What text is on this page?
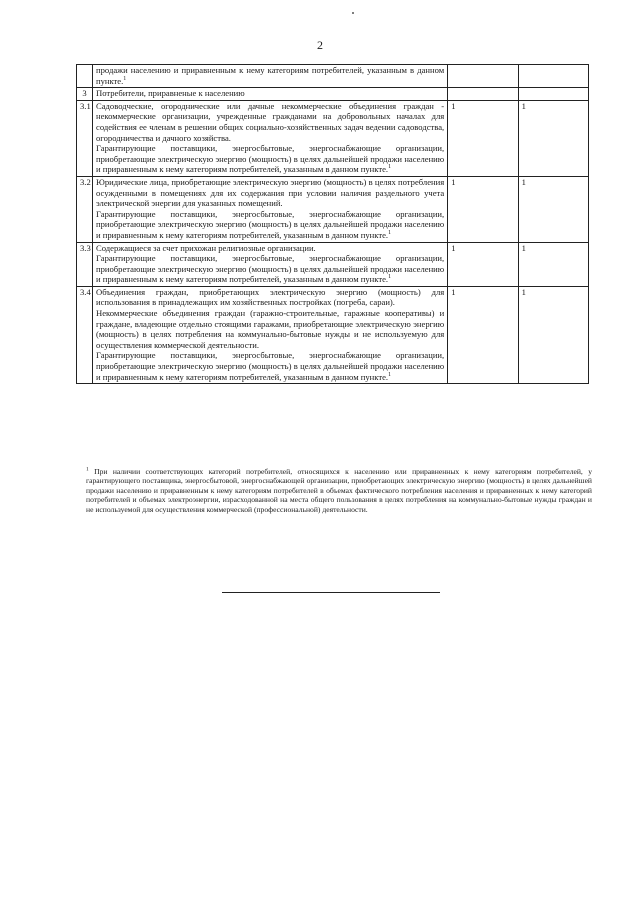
2

	продажи населению и приравненным к нему категориям потребителей, указанным в данном пункте.$^1$

3	Потребители, приравненые к населению		

3.1	Садоводческие, огороднические или дачные некоммерческие объединения граждан - некоммерческие организации, учрежденные гражданами на добровольных началах для содействия ее членам в решении общих социально-хозяйственных задач ведении садоводства, огородничества и дачного хозяйства.
Гарантирующие поставщики, энергосбытовые, энергоснабжающие организации, приобретающие электрическую энергию (мощность) в целях дальнейшей продажи населению и приравненным к нему категориям потребителей, указанным в данном пункте.$^1$	1	1
3.2	Юридические лица, приобретающие электрическую энергию (мощность) в целях потребления осужденными в помещениях для их содержания при условии наличия раздельного учета электрической энергии для указанных помещений.
Гарантирующие поставщики, энергосбытовые, энергоснабжающие организации, приобретающие электрическую энергию (мощность) в целях дальнейшей продажи населению и приравненным к нему категориям потребителей, указанным в данном пункте.$^1$	1	1
3.3	Содержащиеся за счет прихожан религиозные организации.
Гарантирующие поставщики, энергосбытовые, энергоснабжающие организации, приобретающие электрическую энергию (мощность) в целях дальнейшей продажи населению и приравненным к нему категориям потребителей, указанным в данном пункте.$^1$	1	1
3.4	Объединения граждан, приобретающих электрическую энергию (мощность) для использования в принадлежащих им хозяйственных постройках (погреба, сараи).
Некоммерческие объединения граждан (гаражно-строительные, гаражные кооперативы) и граждане, владеющие отдельно стоящими гаражами, приобретающие электрическую энергию (мощность) в целях потребления на коммунально-бытовые нужды и не используемую для осуществления коммерческой деятельности.
Гарантирующие поставщики, энергосбытовые, энергоснабжающие организации, приобретающие электрическую энергию (мощность) в целях дальнейшей продажи населению и приравненным к нему категориям потребителей, указанным в данном пункте.$^1$	1	1
$^1$ При наличии соответствующих категорий потребителей, относящихся к населению или приравненных к нему категориям потребителей, у гарантирующего поставщика, энергосбытовой, энергоснабжающей организации, приобретающих электрическую энергию (мощность) в целях дальнейшей продажи населению и приравненным к нему категориям потребителей в объемах фактического потребления населения и приравненных к нему категорий потребителей и объемах электроэнергии, израсходованной на места общего пользования в целях потребления на коммунально-бытовые нужды граждан и не используемой для осуществления коммерческой (профессиональной) деятельности.
